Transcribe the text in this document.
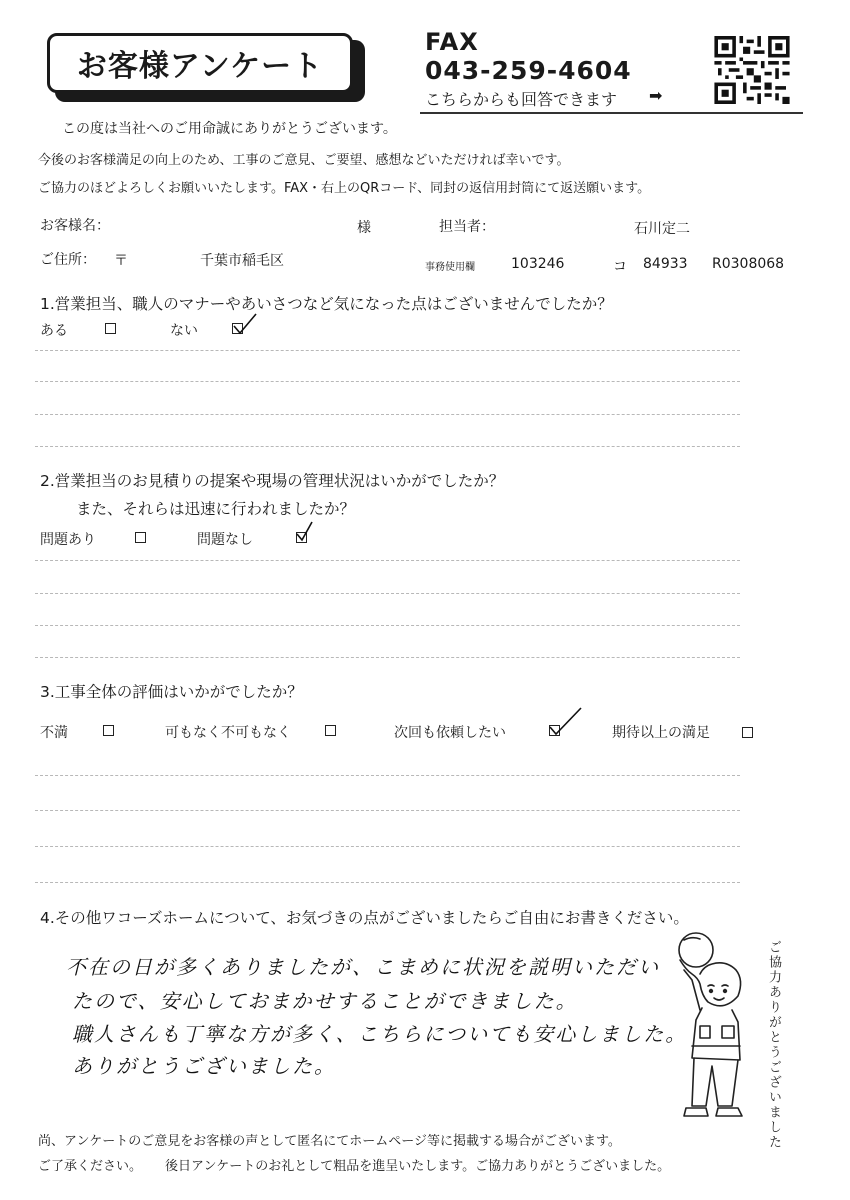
お客様アンケート
FAX
043-259-4604
こちらからも回答できます ➡
この度は当社へのご用命誠にありがとうございます。
今後のお客様満足の向上のため、工事のご意見、ご要望、感想などいただければ幸いです。
ご協力のほどよろしくお願いいたします。FAX・右上のQRコード、同封の返信用封筒にて返送願います。
お客様名：	様	担当者：	石川定二
ご住所： 〒	千葉市稲毛区	事務使用欄	103246	コ 84933 R0308068
1.営業担当、職人のマナーやあいさつなど気になった点はございませんでしたか？
ある	ない
2.営業担当のお見積りの提案や現場の管理状況はいかがでしたか？
また、それらは迅速に行われましたか？
問題あり	問題なし
3.工事全体の評価はいかがでしたか？
不満	可もなく不可もなく	次回も依頼したい	期待以上の満足
4.その他ワコーズホームについて、お気づきの点がございましたらご自由にお書きください。
不在の日が多くありましたが、こまめに状況を説明いただい
たので、安心しておまかせすることができました。
職人さんも丁寧な方が多く、こちらについても安心しました。
ありがとうございました。	ご協力ありがとうございました
尚、アンケートのご意見をお客様の声として匿名にてホームページ等に掲載する場合がございます。
ご了承ください。 後日アンケートのお礼として粗品を進呈いたします。ご協力ありがとうございました。
